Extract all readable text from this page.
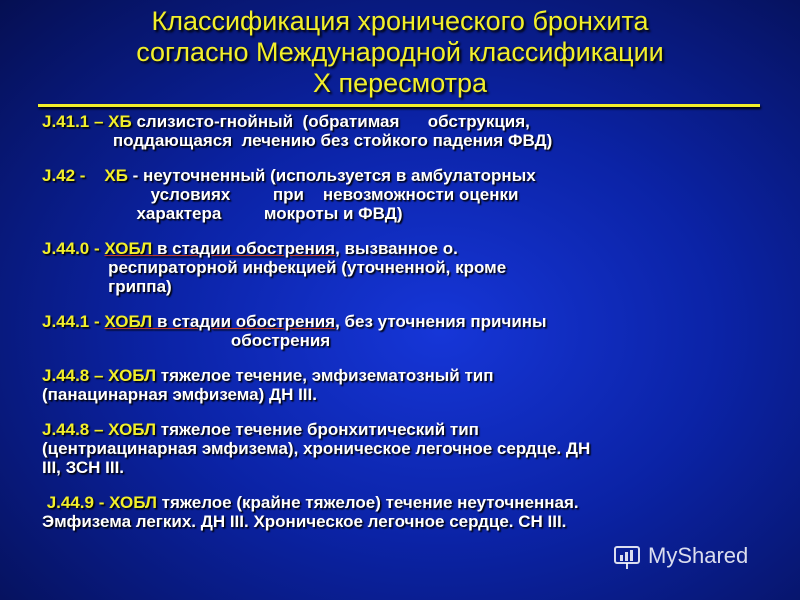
Классификация хронического бронхита
согласно Международной классификации
Х пересмотра
J.41.1 – ХБ слизисто-гнойный  (обратимая      обструкция,
поддающаяся  лечению без стойкого падения ФВД)
J.42 -    ХБ - неуточненный (используется в амбулаторных
условиях         при    невозможности оценки
характера         мокроты и ФВД)
J.44.0 - ХОБЛ в стадии обострения, вызванное о.
респираторной инфекцией (уточненной, кроме
гриппа)
J.44.1 - ХОБЛ в стадии обострения, без уточнения причины
обострения
J.44.8 – ХОБЛ тяжелое течение, эмфизематозный тип
(панацинарная эмфизема) ДН III.
J.44.8 – ХОБЛ тяжелое течение бронхитический тип
(центриацинарная эмфизема), хроническое легочное сердце. ДН
III, ЗСН III.
J.44.9 - ХОБЛ тяжелое (крайне тяжелое) течение неуточненная.
Эмфизема легких. ДН III. Хроническое легочное сердце. СН III.
MyShared
